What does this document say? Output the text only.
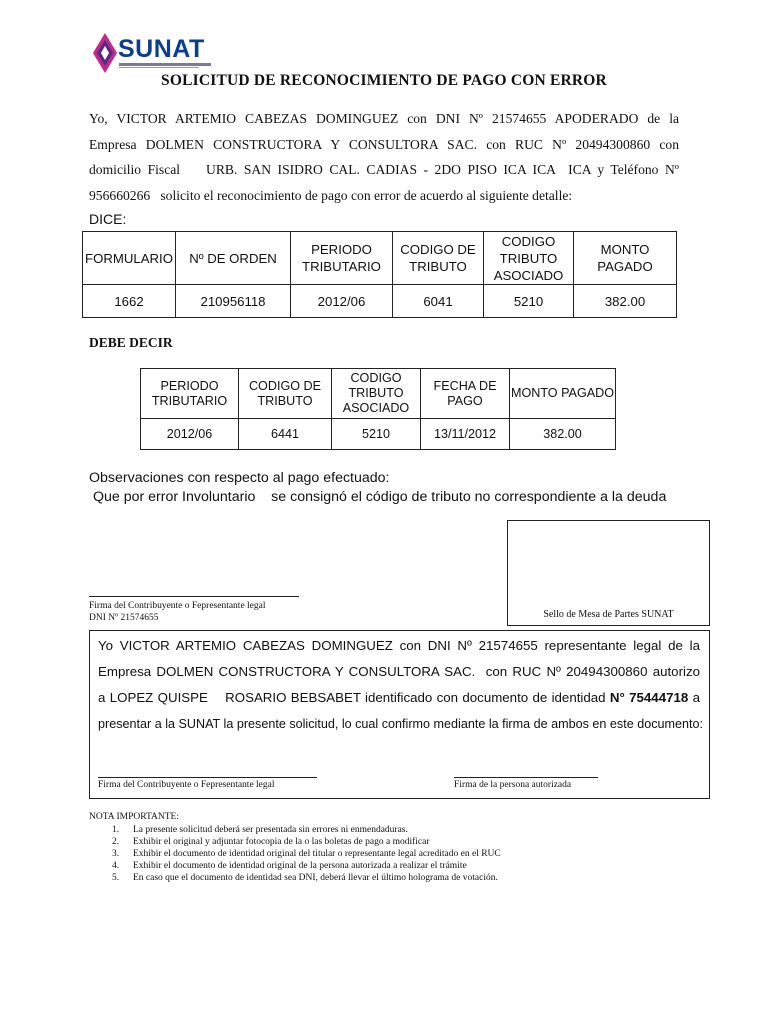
SUNAT
SOLICITUD DE RECONOCIMIENTO DE PAGO CON ERROR
Yo, VICTOR ARTEMIO CABEZAS DOMINGUEZ con DNI Nº 21574655 APODERADO de la
Empresa DOLMEN CONSTRUCTORA Y CONSULTORA SAC. con RUC Nº 20494300860 con
domicilio Fiscal    URB. SAN ISIDRO CAL. CADIAS - 2DO PISO ICA ICA  ICA y Teléfono Nº
956660266   solicito el reconocimiento de pago con error de acuerdo al siguiente detalle:
DICE:
FORMULARIO	Nº DE ORDEN	PERIODO TRIBUTARIO	CODIGO DE TRIBUTO	CODIGO TRIBUTO ASOCIADO	MONTO PAGADO
1662	210956118	2012/06	6041	5210	382.00
DEBE DECIR
PERIODO TRIBUTARIO	CODIGO DE TRIBUTO	CODIGO TRIBUTO ASOCIADO	FECHA DE PAGO	MONTO PAGADO
2012/06	6441	5210	13/11/2012	382.00
Observaciones con respecto al pago efectuado:
Que por error Involuntario    se consignó el código de tributo no correspondiente a la deuda
Sello de Mesa de Partes SUNAT
Firma del Contribuyente o Fepresentante legal
DNI Nº 21574655
Yo VICTOR ARTEMIO CABEZAS DOMINGUEZ con DNI Nº 21574655 representante legal de la
Empresa DOLMEN CONSTRUCTORA Y CONSULTORA SAC.  con RUC Nº 20494300860 autorizo
a LOPEZ QUISPE    ROSARIO BEBSABET identificado con documento de identidad N° 75444718 a
presentar a la SUNAT la presente solicitud, lo cual confirmo mediante la firma de ambos en este documento:
Firma del Contribuyente o Fepresentante legal	Firma de la persona autorizada
NOTA IMPORTANTE:
1. La presente solicitud deberá ser presentada sin errores ni enmendaduras.
2. Exhibir el original y adjuntar fotocopia de la o las boletas de pago a modificar
3. Exhibir el documento de identidad original del titular o representante legal acreditado en el RUC
4. Exhibir el documento de identidad original de la persona autorizada a realizar el trámite
5. En caso que el documento de identidad sea DNI, deberá llevar el último holograma de votación.
